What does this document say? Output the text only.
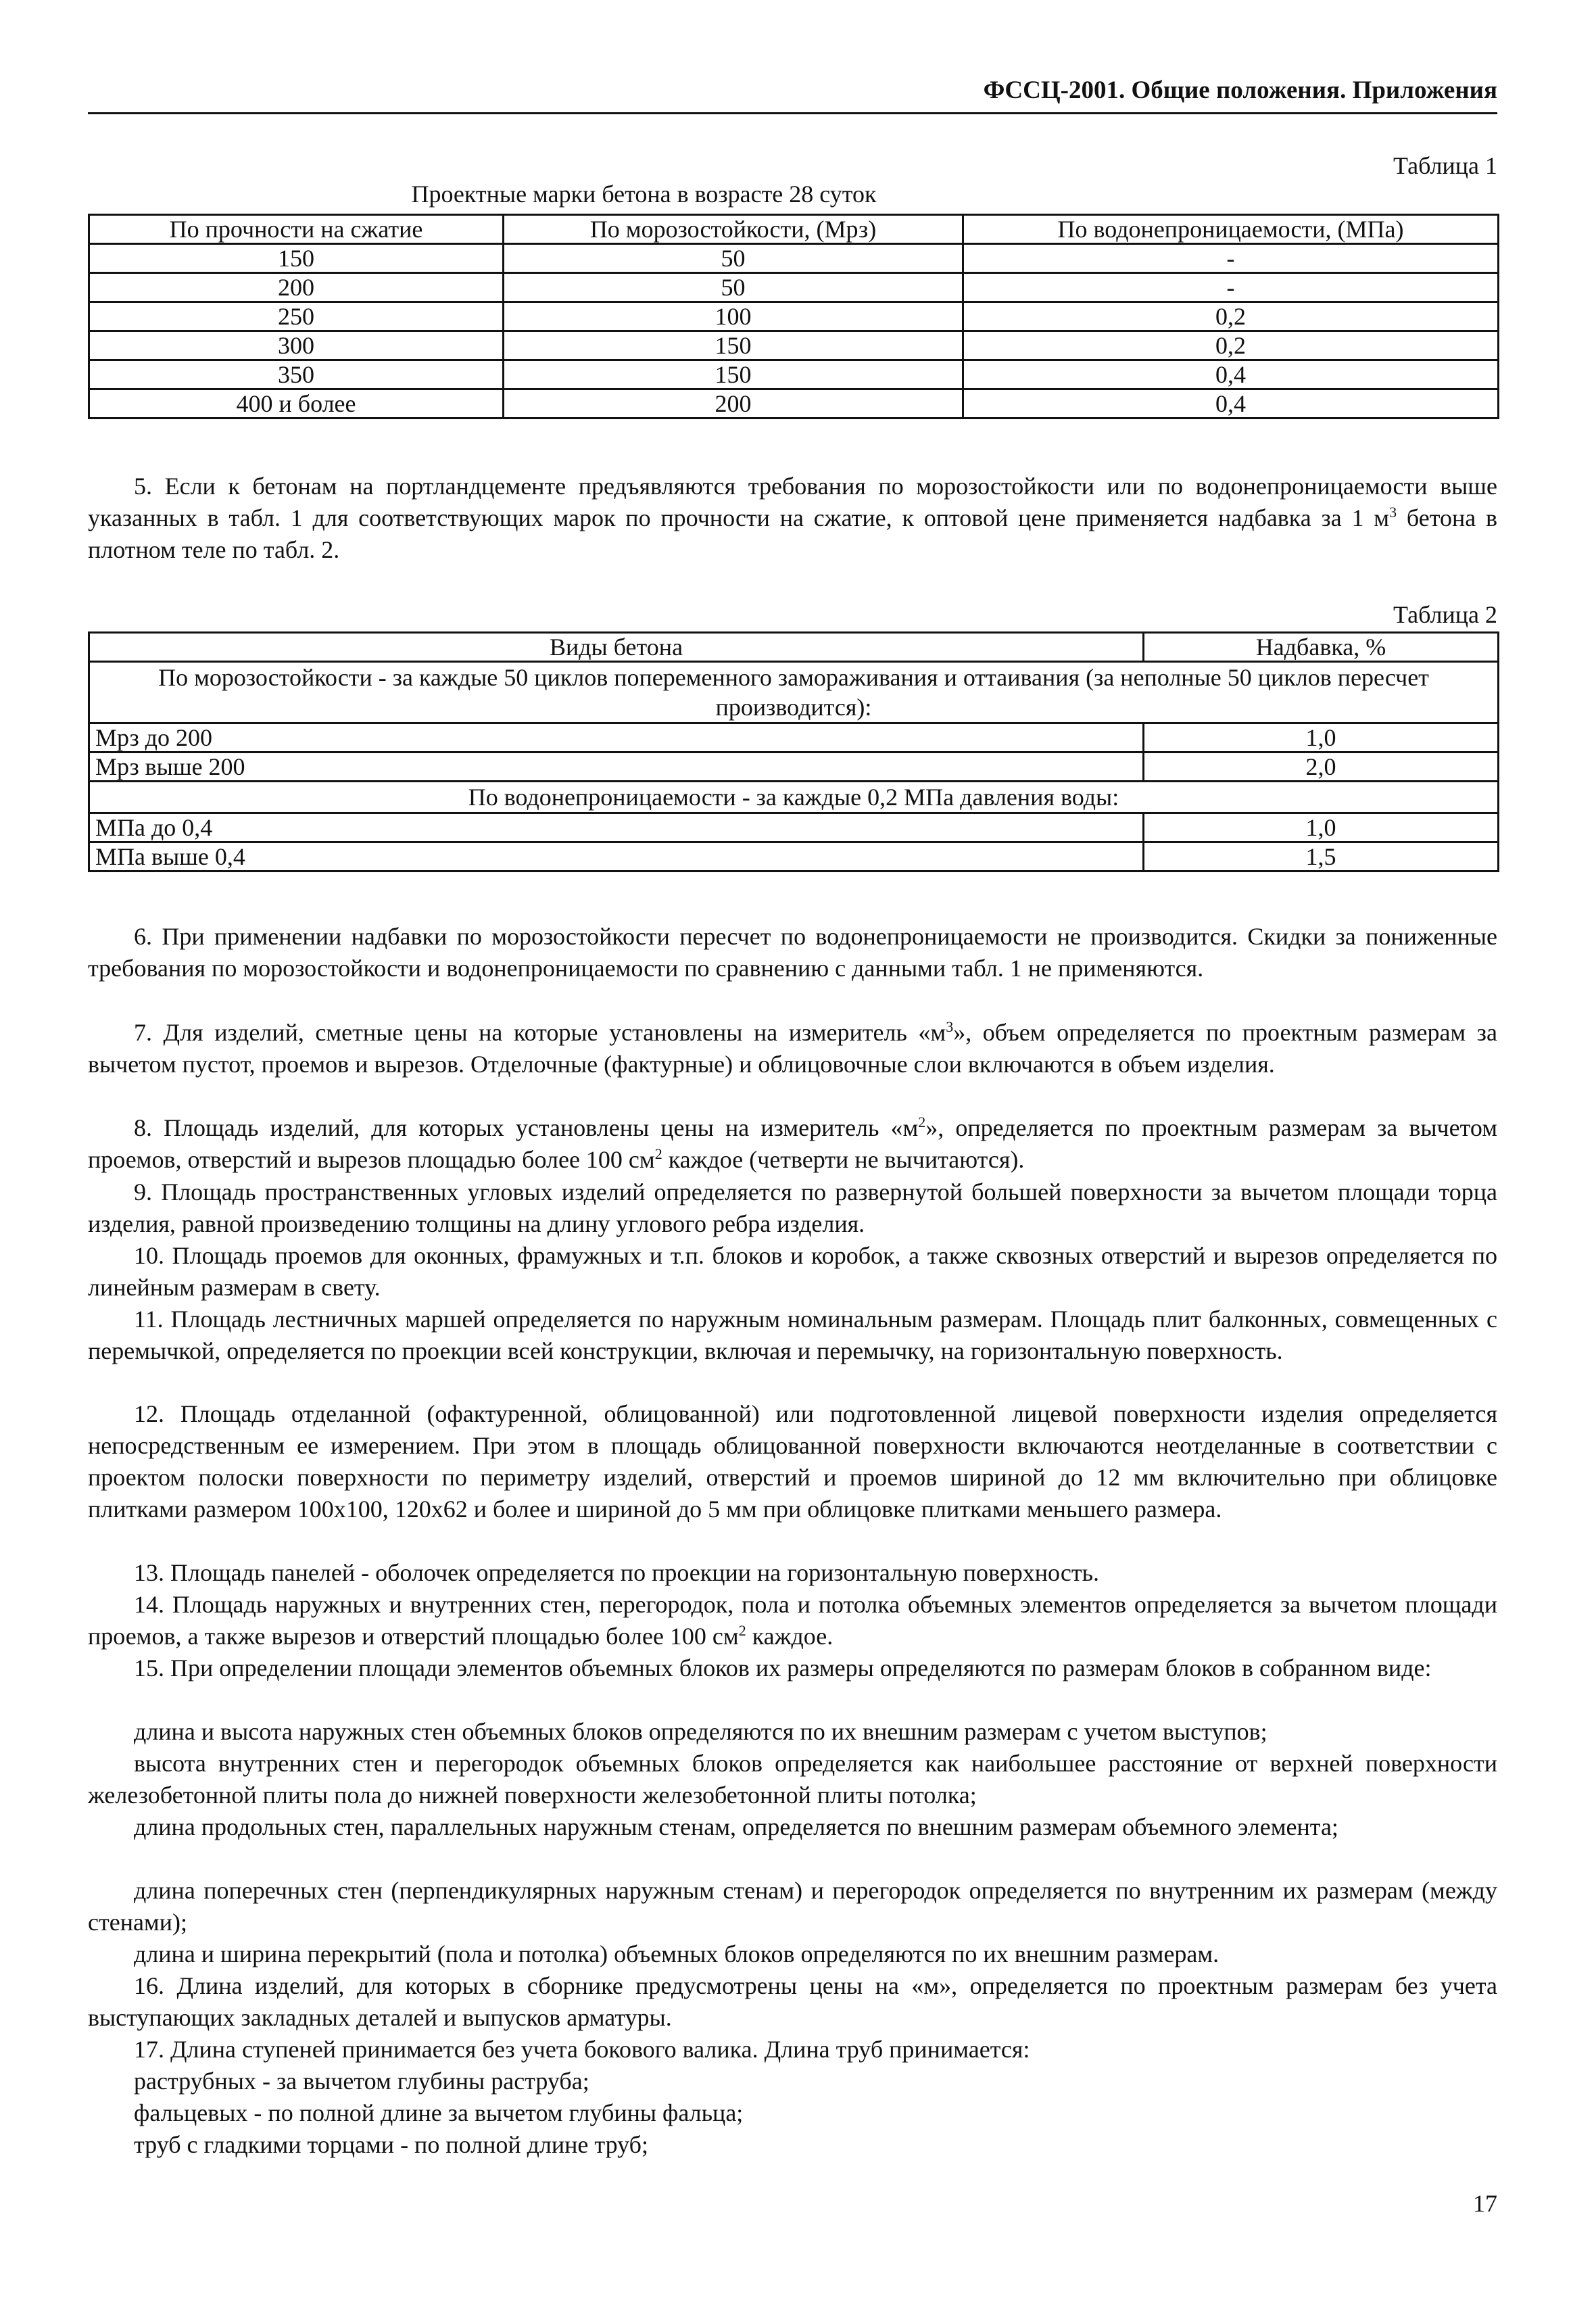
ФССЦ-2001. Общие положения. Приложения
Таблица 1
Проектные марки бетона в возрасте 28 суток
По прочности на сжатие	По морозостойкости, (Мрз)	По водонепроницаемости, (МПа)
150	50	-
200	50	-
250	100	0,2
300	150	0,2
350	150	0,4
400 и более	200	0,4
5. Если к бетонам на портландцементе предъявляются требования по морозостойкости или по водонепроницаемости выше указанных в табл. 1 для соответствующих марок по прочности на сжатие, к оптовой цене применяется надбавка за 1 $м^3$ бетона в плотном теле по табл. 2.
Таблица 2
Виды бетона	Надбавка, %
По морозостойкости - за каждые 50 циклов попеременного замораживания и оттаивания (за неполные 50 циклов пересчет производится):	
Мрз до 200	1,0
Мрз выше 200	2,0
По водонепроницаемости - за каждые 0,2 МПа давления воды:	
МПа до 0,4	1,0
МПа выше 0,4	1,5
6. При применении надбавки по морозостойкости пересчет по водонепроницаемости не производится. Скидки за пониженные требования по морозостойкости и водонепроницаемости по сравнению с данными табл. 1 не применяются.
7. Для изделий, сметные цены на которые установлены на измеритель «$м^3$», объем определяется по проектным размерам за вычетом пустот, проемов и вырезов. Отделочные (фактурные) и облицовочные слои включаются в объем изделия.
8. Площадь изделий, для которых установлены цены на измеритель «$м^2$», определяется по проектным размерам за вычетом проемов, отверстий и вырезов площадью более 100 $см^2$ каждое (четверти не вычитаются).
9. Площадь пространственных угловых изделий определяется по развернутой большей поверхности за вычетом площади торца изделия, равной произведению толщины на длину углового ребра изделия.
10. Площадь проемов для оконных, фрамужных и т.п. блоков и коробок, а также сквозных отверстий и вырезов определяется по линейным размерам в свету.
11. Площадь лестничных маршей определяется по наружным номинальным размерам. Площадь плит балконных, совмещенных с перемычкой, определяется по проекции всей конструкции, включая и перемычку, на горизонтальную поверхность.
12. Площадь отделанной (офактуренной, облицованной) или подготовленной лицевой поверхности изделия определяется непосредственным ее измерением. При этом в площадь облицованной поверхности включаются неотделанные в соответствии с проектом полоски поверхности по периметру изделий, отверстий и проемов шириной до 12 мм включительно при облицовке плитками размером 100х100, 120х62 и более и шириной до 5 мм при облицовке плитками меньшего размера.
13. Площадь панелей - оболочек определяется по проекции на горизонтальную поверхность.
14. Площадь наружных и внутренних стен, перегородок, пола и потолка объемных элементов определяется за вычетом площади проемов, а также вырезов и отверстий площадью более 100 $см^2$ каждое.
15. При определении площади элементов объемных блоков их размеры определяются по размерам блоков в собранном виде:
длина и высота наружных стен объемных блоков определяются по их внешним размерам с учетом выступов;
высота внутренних стен и перегородок объемных блоков определяется как наибольшее расстояние от верхней поверхности железобетонной плиты пола до нижней поверхности железобетонной плиты потолка;
длина продольных стен, параллельных наружным стенам, определяется по внешним размерам объемного элемента;
длина поперечных стен (перпендикулярных наружным стенам) и перегородок определяется по внутренним их размерам (между стенами);
длина и ширина перекрытий (пола и потолка) объемных блоков определяются по их внешним размерам.
16. Длина изделий, для которых в сборнике предусмотрены цены на «м», определяется по проектным размерам без учета выступающих закладных деталей и выпусков арматуры.
17. Длина ступеней принимается без учета бокового валика. Длина труб принимается:
раструбных - за вычетом глубины раструба;
фальцевых - по полной длине за вычетом глубины фальца;
труб с гладкими торцами - по полной длине труб;
17
